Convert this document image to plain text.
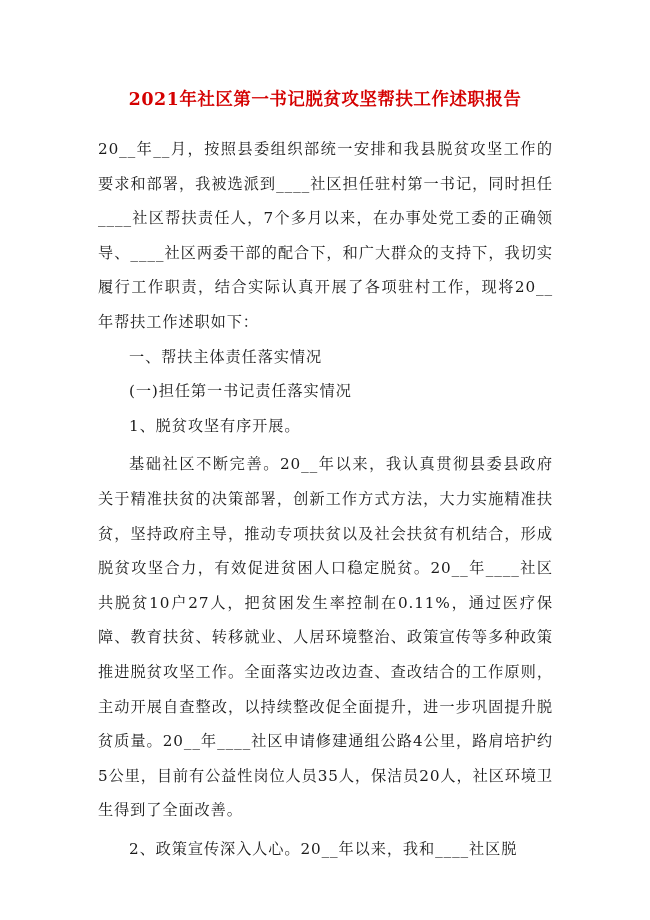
2021年社区第一书记脱贫攻坚帮扶工作述职报告

20__年__月，按照县委组织部统一安排和我县脱贫攻坚工作的要求和部署，我被选派到____社区担任驻村第一书记，同时担任____社区帮扶责任人，7个多月以来，在办事处党工委的正确领导、____社区两委干部的配合下，和广大群众的支持下，我切实履行工作职责，结合实际认真开展了各项驻村工作，现将20__年帮扶工作述职如下：

一、帮扶主体责任落实情况

(一)担任第一书记责任落实情况

1、脱贫攻坚有序开展。

基础社区不断完善。20__年以来，我认真贯彻县委县政府关于精准扶贫的决策部署，创新工作方式方法，大力实施精准扶贫，坚持政府主导，推动专项扶贫以及社会扶贫有机结合，形成脱贫攻坚合力，有效促进贫困人口稳定脱贫。20__年____社区共脱贫10户27人，把贫困发生率控制在0.11%，通过医疗保障、教育扶贫、转移就业、人居环境整治、政策宣传等多种政策推进脱贫攻坚工作。全面落实边改边查、查改结合的工作原则，主动开展自查整改，以持续整改促全面提升，进一步巩固提升脱贫质量。20__年____社区申请修建通组公路4公里，路肩培护约5公里，目前有公益性岗位人员35人，保洁员20人，社区环境卫生得到了全面改善。

2、政策宣传深入人心。20__年以来，我和____社区脱
